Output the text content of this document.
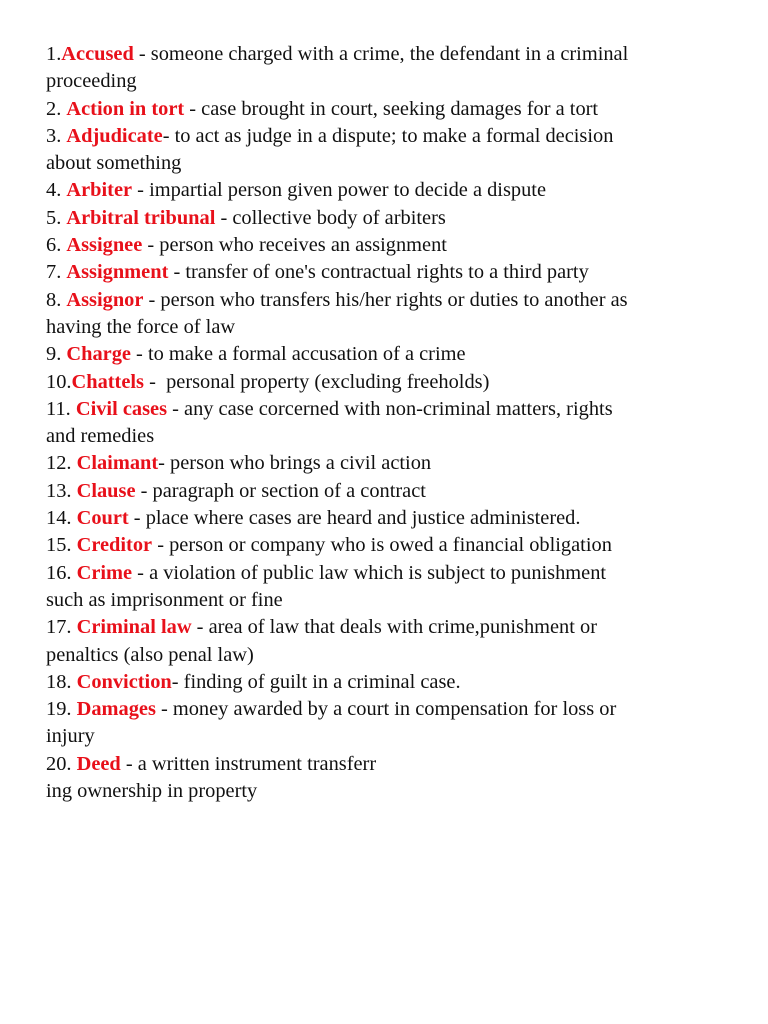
1.Accused - someone charged with a crime, the defendant in a criminal
proceeding
2. Action in tort - case brought in court, seeking damages for a tort
3. Adjudicate- to act as judge in a dispute; to make a formal decision
about something
4. Arbiter - impartial person given power to decide a dispute
5. Arbitral tribunal - collective body of arbiters
6. Assignee - person who receives an assignment
7. Assignment - transfer of one's contractual rights to a third party
8. Assignor - person who transfers his/her rights or duties to another as
having the force of law
9. Charge - to make a formal accusation of a crime
10.Chattels -  personal property (excluding freeholds)
11. Civil cases - any case corcerned with non-criminal matters, rights
and remedies
12. Claimant- person who brings a civil action
13. Clause - paragraph or section of a contract
14. Court - place where cases are heard and justice administered.
15. Creditor - person or company who is owed a financial obligation
16. Crime - a violation of public law which is subject to punishment
such as imprisonment or fine
17. Criminal law - area of law that deals with crime,punishment or
penaltics (also penal law)
18. Conviction- finding of guilt in a criminal case.
19. Damages - money awarded by a court in compensation for loss or
injury
20. Deed - a written instrument transferr
ing ownership in property
